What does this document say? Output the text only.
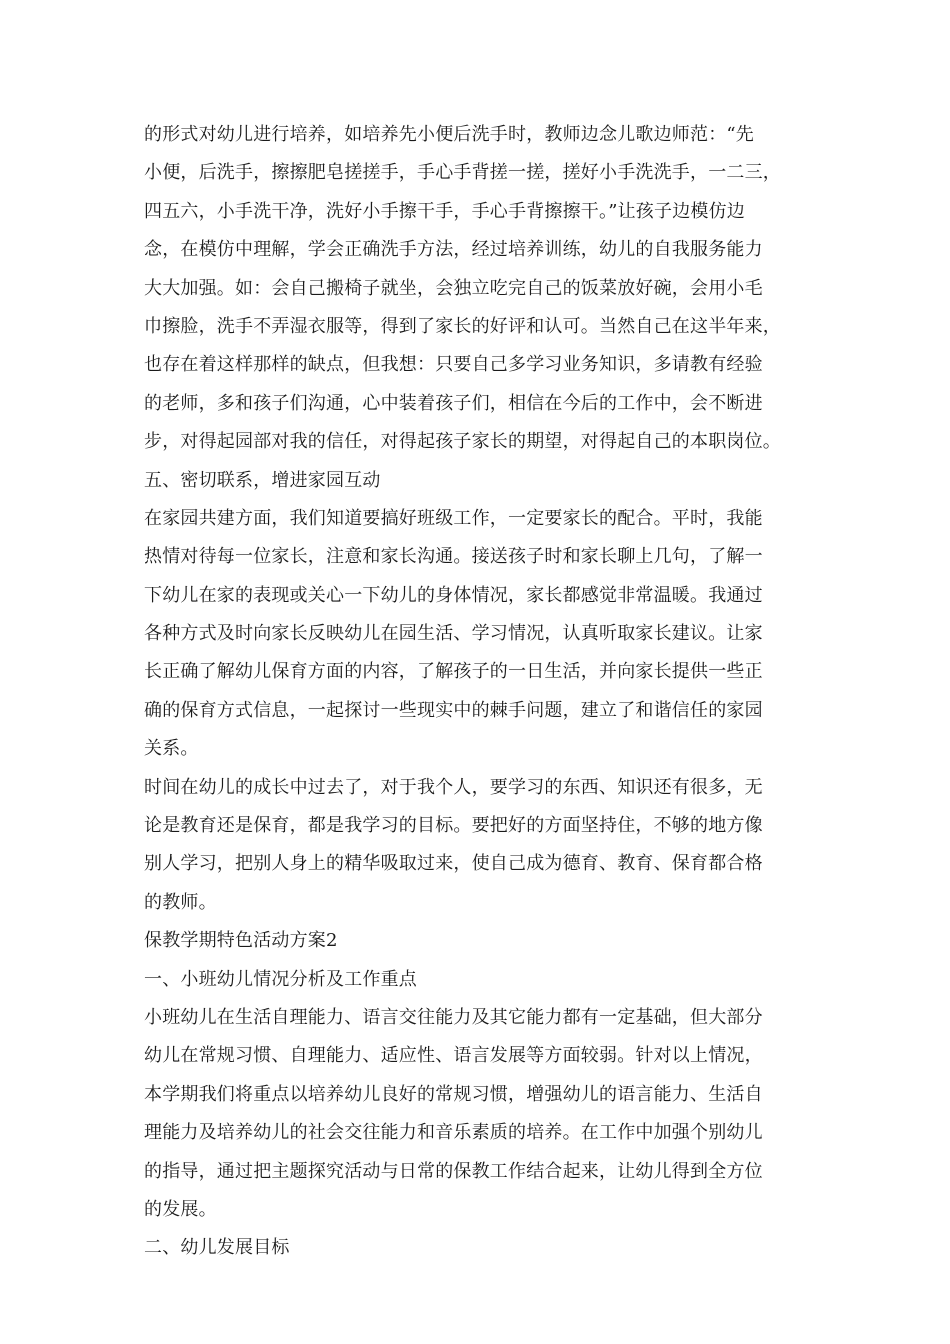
的形式对幼儿进行培养，如培养先小便后洗手时，教师边念儿歌边师范：“先

小便，后洗手，擦擦肥皂搓搓手，手心手背搓一搓，搓好小手洗洗手，一二三，

四五六，小手洗干净，洗好小手擦干手，手心手背擦擦干。”让孩子边模仿边

念，在模仿中理解，学会正确洗手方法，经过培养训练，幼儿的自我服务能力

大大加强。如：会自己搬椅子就坐，会独立吃完自己的饭菜放好碗，会用小毛

巾擦脸，洗手不弄湿衣服等，得到了家长的好评和认可。当然自己在这半年来，

也存在着这样那样的缺点，但我想：只要自己多学习业务知识，多请教有经验

的老师，多和孩子们沟通，心中装着孩子们，相信在今后的工作中，会不断进

步，对得起园部对我的信任，对得起孩子家长的期望，对得起自己的本职岗位。

五、密切联系，增进家园互动

在家园共建方面，我们知道要搞好班级工作，一定要家长的配合。平时，我能

热情对待每一位家长，注意和家长沟通。接送孩子时和家长聊上几句，了解一

下幼儿在家的表现或关心一下幼儿的身体情况，家长都感觉非常温暖。我通过

各种方式及时向家长反映幼儿在园生活、学习情况，认真听取家长建议。让家

长正确了解幼儿保育方面的内容，了解孩子的一日生活，并向家长提供一些正

确的保育方式信息，一起探讨一些现实中的棘手问题，建立了和谐信任的家园

关系。

时间在幼儿的成长中过去了，对于我个人，要学习的东西、知识还有很多，无

论是教育还是保育，都是我学习的目标。要把好的方面坚持住，不够的地方像

别人学习，把别人身上的精华吸取过来，使自己成为德育、教育、保育都合格

的教师。

保教学期特色活动方案2

一、小班幼儿情况分析及工作重点

小班幼儿在生活自理能力、语言交往能力及其它能力都有一定基础，但大部分

幼儿在常规习惯、自理能力、适应性、语言发展等方面较弱。针对以上情况，

本学期我们将重点以培养幼儿良好的常规习惯，增强幼儿的语言能力、生活自

理能力及培养幼儿的社会交往能力和音乐素质的培养。在工作中加强个别幼儿

的指导，通过把主题探究活动与日常的保教工作结合起来，让幼儿得到全方位

的发展。

二、幼儿发展目标
